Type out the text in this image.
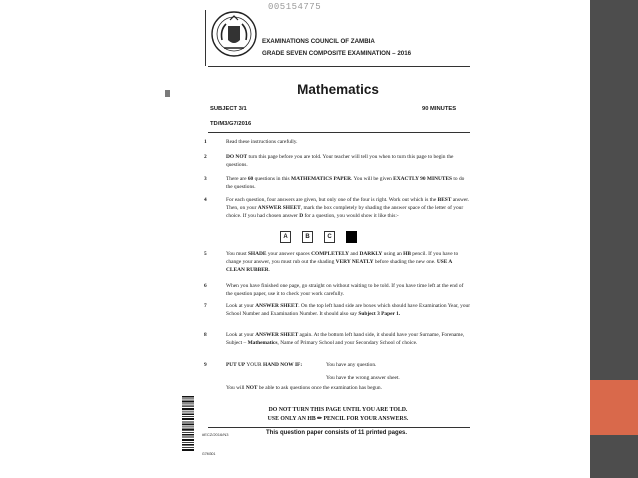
005154775
EXAMINATIONS COUNCIL OF ZAMBIA
GRADE SEVEN COMPOSITE EXAMINATION – 2016
Mathematics
SUBJECT 3/1	90 MINUTES
TD/M3/G7/2016
1	Read these instructions carefully.
2	DO NOT turn this page before you are told. Your teacher will tell you when to turn this page to begin the questions.
3	There are 60 questions in this MATHEMATICS PAPER. You will be given EXACTLY 90 MINUTES to do the questions.
4	For each question, four answers are given, but only one of the four is right. Work out which is the BEST answer. Then, on your ANSWER SHEET, mark the box completely by shading the answer space of the letter of your choice. If you had chosen answer D for a question, you would show it like this:-
5	You must SHADE your answer spaces COMPLETELY and DARKLY using an HB pencil. If you have to change your answer, you must rub out the shading VERY NEATLY before shading the new one. USE A CLEAN RUBBER.
6	When you have finished one page, go straight on without waiting to be told. If you have time left at the end of the question paper, use it to check your work carefully.
7	Look at your ANSWER SHEET. On the top left hand side are boxes which should have Examination Year, your School Number and Examination Number. It should also say Subject 3 Paper 1.
8	Look at your ANSWER SHEET again. At the bottom left hand side, it should have your Surname, Forename, Subject – Mathematics, Name of Primary School and your Secondary School of choice.
9	PUT UP YOUR HAND NOW IF:
A	B	C	D
You have any question.
You have the wrong answer sheet.
You will NOT be able to ask questions once the examination has begun.
DO NOT TURN THIS PAGE UNTIL YOU ARE TOLD.
USE ONLY AN HB ✏ PENCIL FOR YOUR ANSWERS.
#ECZ/2016/N3	This question paper consists of 11 printed pages.
G7M301
